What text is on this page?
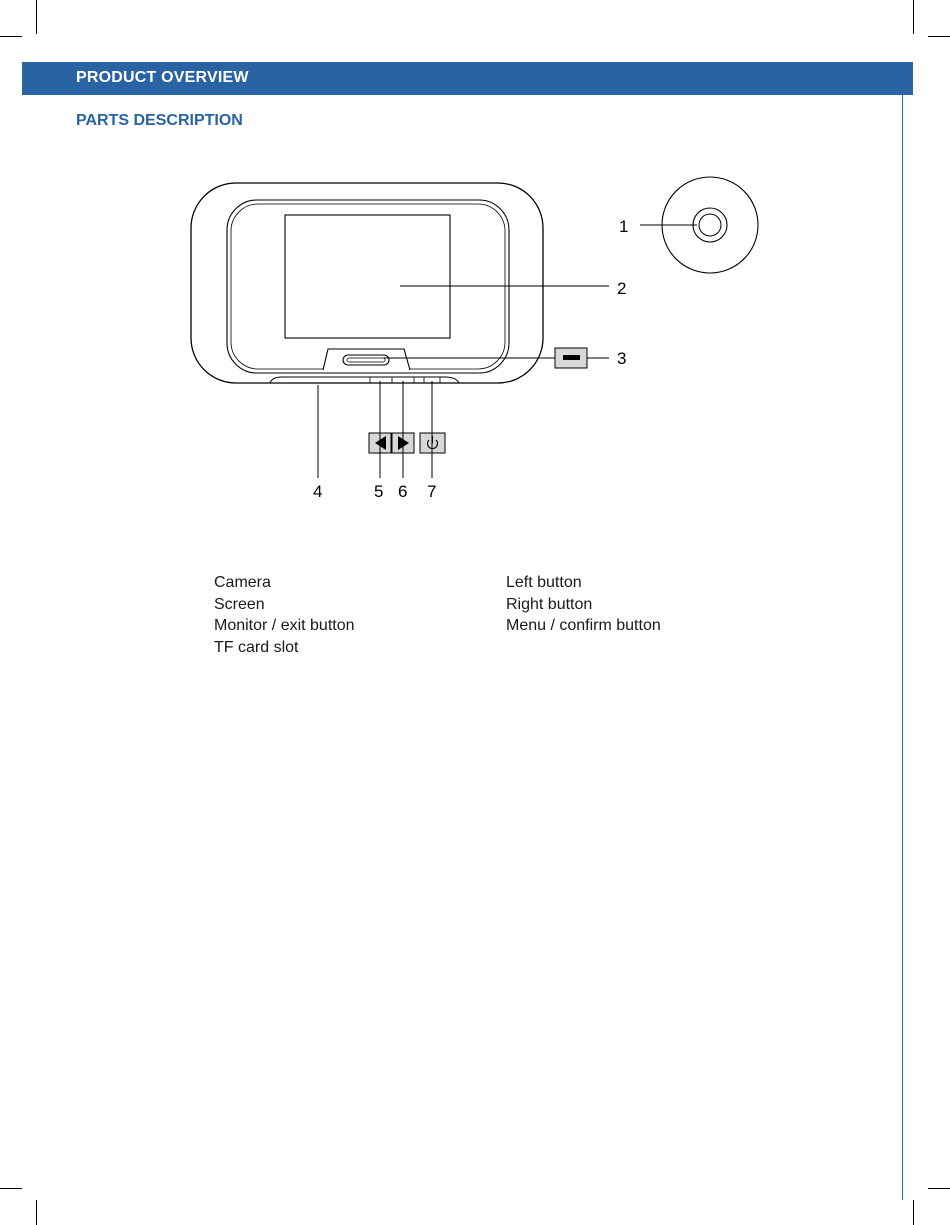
PRODUCT OVERVIEW
PARTS DESCRIPTION
1
2
3
4	5 6 7
Camera
Screen
Monitor / exit button
TF card slot
Left button
Right button
Menu / confirm button
